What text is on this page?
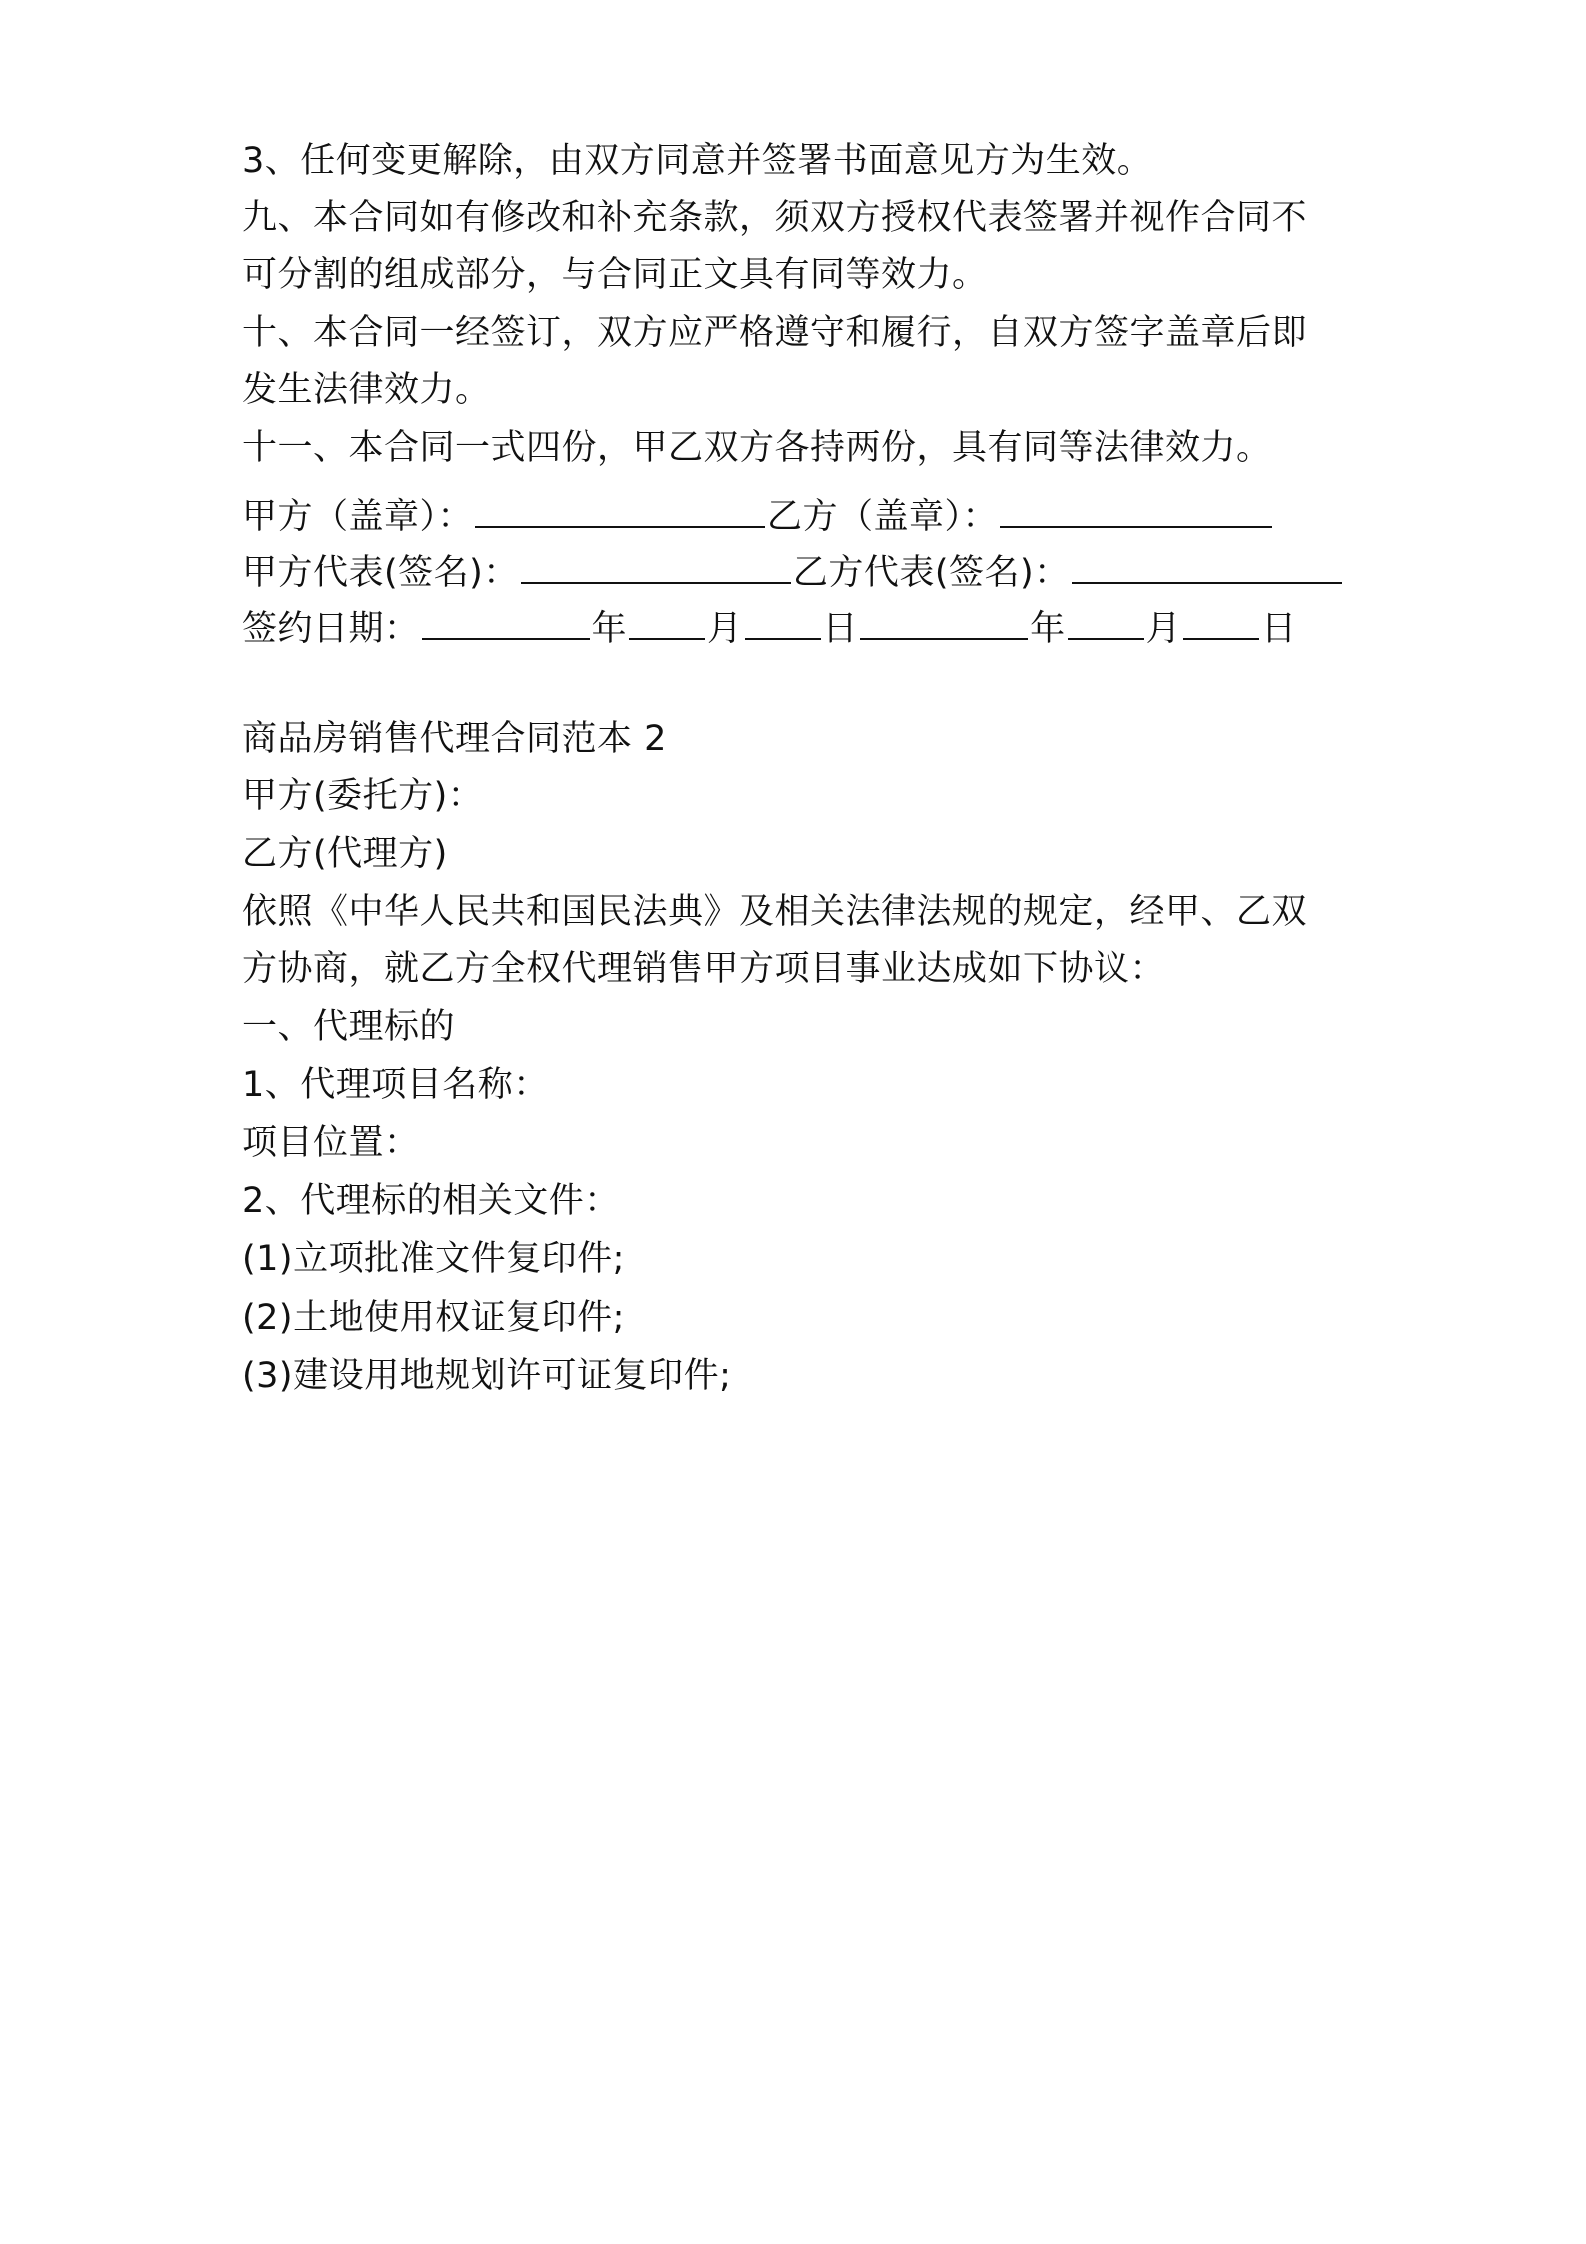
3、任何变更解除，由双方同意并签署书面意见方为生效。
九、本合同如有修改和补充条款，须双方授权代表签署并视作合同不
可分割的组成部分，与合同正文具有同等效力。
十、本合同一经签订，双方应严格遵守和履行，自双方签字盖章后即
发生法律效力。
十一、本合同一式四份，甲乙双方各持两份，具有同等法律效力。
甲方（盖章）：	乙方（盖章）：
甲方代表(签名)：	乙方代表(签名)：
签约日期：	年 月 日	年 月 日
商品房销售代理合同范本 2
甲方(委托方)：
乙方(代理方)
依照《中华人民共和国民法典》及相关法律法规的规定，经甲、乙双
方协商，就乙方全权代理销售甲方项目事业达成如下协议：
一、代理标的
1、代理项目名称：
项目位置：
2、代理标的相关文件：
(1)立项批准文件复印件;
(2)土地使用权证复印件;
(3)建设用地规划许可证复印件;
